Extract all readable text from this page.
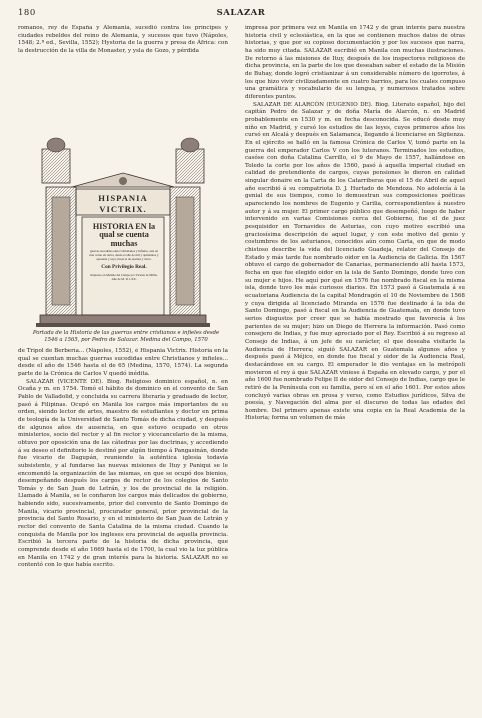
180	SALAZAR

romanos, rey de España y Alemania, sucedió contra los príncipes y ciudades rebeldes del reino de Alemania, y sucesos que tuvo (Nápoles, 1548; 2.ª ed., Sevilla, 1552); Hystoria de la guerra y presa de África: con la destrucción de la villa de Monaster, y ysla de Gozo, y pérdida

HISPANIA
VICTRIX.
HISTORIA EN la qual se cuenta muchas
guerras sucedidas entre Christianos y Infieles, assí en mar como en tierra, desde el año de mil y quinientos y quarenta y seys, hasta el de sesenta y cinco.
Con Privilegio Real.
Impresso en Medina del Campo por Vicente de Millis. Año de M. D. LXX.
Portada de la Historia de las guerras entre cristianos e infieles desde 1546 a 1565, por Pedro de Salazar. Medina del Campo, 1570

de Trípol de Berbería... (Nápoles, 1552), é Hispania Victrix. Historia en la qual se cuentan muchas guerras sucedidas entre Christianos y infieles... desde el año de 1546 hasta el de 65 (Medina, 1570, 1574). La segunda parte de la Crónica de Carlos V quedó inédita.

SALAZAR (VICENTE DE). Biog. Religioso dominico español, n. en Ocaña y m. en 1754. Tomó el hábito de dominico en el convento de San Pablo de Valladolid, y concluida su carrera literaria y graduado de lector, pasó á Filipinas. Ocupó en Manila los cargos más importantes de su orden, siendo lector de artes, maestro de estudiantes y doctor en prima de teología de la Universidad de Santo Tomás de dicha ciudad, y después de algunos años de ausencia, en que estuvo ocupado en otros ministerios, socio del rector y al fin rector y vicecancelario de la misma, obtuvo por oposición una de las cátedras por las doctrinas, y accediendo á su deseo el definitorio le destinó por algún tiempo á Pangasinán, donde fue vicario de Dagupán, reuniendo la auténtica iglesia todavía subsistente, y al fundarse las nuevas misiones de Ituy y Paniqui se le encomendó la organización de las mismas, en que se ocupó dos bienios, desempeñando después los cargos de rector de los colegios de Santo Tomás y de San Juan de Letrán, y los de provincial de la religión. Llamado á Manila, se le confiaron los cargos más delicados de gobierno, habiendo sido, sucesivamente, prior del convento de Santo Domingo de Manila, vicario provincial, procurador general, prior provincial de la provincia del Santo Rosario, y en el ministerio de San Juan de Letrán y rector del convento de Santa Catalina de la misma ciudad. Cuando la conquista de Manila por los ingleses era provincial de aquella provincia. Escribió la tercera parte de la historia de dicha provincia, que comprende desde el año 1669 hasta el de 1700, la cual vio la luz pública en Manila en 1742 y de gran interés para la historia. SALAZAR no se contentó con lo que había escrito.

impresa por primera vez en Manila en 1742 y de gran interés para nuestra historia civil y eclesiástica, en la que se contienen muchos datos de otras historias, y que por su copioso documentación y por los sucesos que narra, ha sido muy citada. SALAZAR escribió en Manila con muchas ilustraciones. De retorno á las misiones de Ituy, después de los inspectores religiosos de dicha provincia, en la parte de los que deseaban saber el estado de la Misión de Buhay, donde logró cristianizar á un considerable número de igorrotes, á los que hizo vivir civilizadamente en cuatro barrios, para los cuales compuso una gramática y vocabulario de su lengua, y numerosos tratados sobre diferentes puntos.

SALAZAR DE ALARCÓN (EUGENIO DE). Biog. Literato español, hijo del capitán Pedro de Salazar y de doña María de Alarcón, n. en Madrid probablemente en 1530 y m. en fecha desconocida. Se educó desde muy niño en Madrid, y cursó los estudios de las leyes, cuyos primeros años los cursó en Alcalá y después en Salamanca, llegando á licenciarse en Sigüenza. En el ejército se halló en la famosa Crónica de Carlos V, tomó parte en la guerra del emperador Carlos V con los luteranos. Terminados los estudios, casóse con doña Catalina Carrillo, el 9 de Mayo de 1557, hallándose en Toledo la corte por los años de 1560, pasó á aquella imperial ciudad en calidad de pretendiente de cargos, cuyas pensiones le dieron en calidad singular donaire en la Carta de los Catarriberas que el 15 de Abril de aquel año escribió á su compatriota D. J. Hurtado de Mendoza. No adolecía á la genial de sus tiempos, como lo demuestran sus composiciones poéticas apareciendo los nombres de Eugenio y Carilia, correspondientes á nuestro autor y á su mujer. El primer cargo público que desempeñó, luego de haber intervenido en varias Comisiones cerca del Gobierno, fue el de juez pesquisidor en Tornavides de Asturias, con cuyo motivo escribió una graciosísima descripción de aquel lugar, y con este motivo del genio y costumbres de los asturianos, conocidos aún como Carta, en que de modo chistoso describe la vida del licenciado Guadeja, relator del Consejo de Estado y más tarde fue nombrado oidor en la Audiencia de Galicia. En 1567 obtuvo el cargo de gobernador de Canarias, permaneciendo allí hasta 1573, fecha en que fue elegido oidor en la isla de Santo Domingo, donde tuvo con su mujer e hijos. He aquí por qué en 1576 fue nombrado fiscal en la misma isla, donde tuvo los más curiosos diarios. En 1573 pasó á Guatemala á su ecuatoriana Audiencia de la capital Mondragón el 10 de Noviembre de 1568 y cuya dirigida al licenciado Miranda en 1576 fue destinado á la isla de Santo Domingo, pasó á fiscal en la Audiencia de Guatemala, en donde tuvo serios disgustos por creer que se había mostrado que favorecía á los parientes de su mujer; hizo un Diego de Herrera la información. Pasó como consejero de Indias, y fue muy apreciado por el Rey. Escribió á su regreso al Consejo de Indias, á un jefe de su carácter, el que deseaba visitarle la Audiencia de Herrera; siguió SALAZAR en Guatemala algunos años y después pasó á Méjico, en donde fue fiscal y oidor de la Audiencia Real, destacándose en su cargo. El emperador le dio ventajas en la metrópoli movieron el rey á que SALAZAR viniese á España en elevado cargo, y por el año 1600 fue nombrado Felipe II de oidor del Consejo de Indias, cargo que le retiró de la Península con su familia, pero sí en el año 1601. Por estos años concluyó varias obras en prosa y verso, como Estudios jurídicos, Silva de poesía, y Navegación del alma por el discurso de todas las edades del hombre. Del primero apenas existe una copia en la Real Academia de la Historia; forma un volumen de más
